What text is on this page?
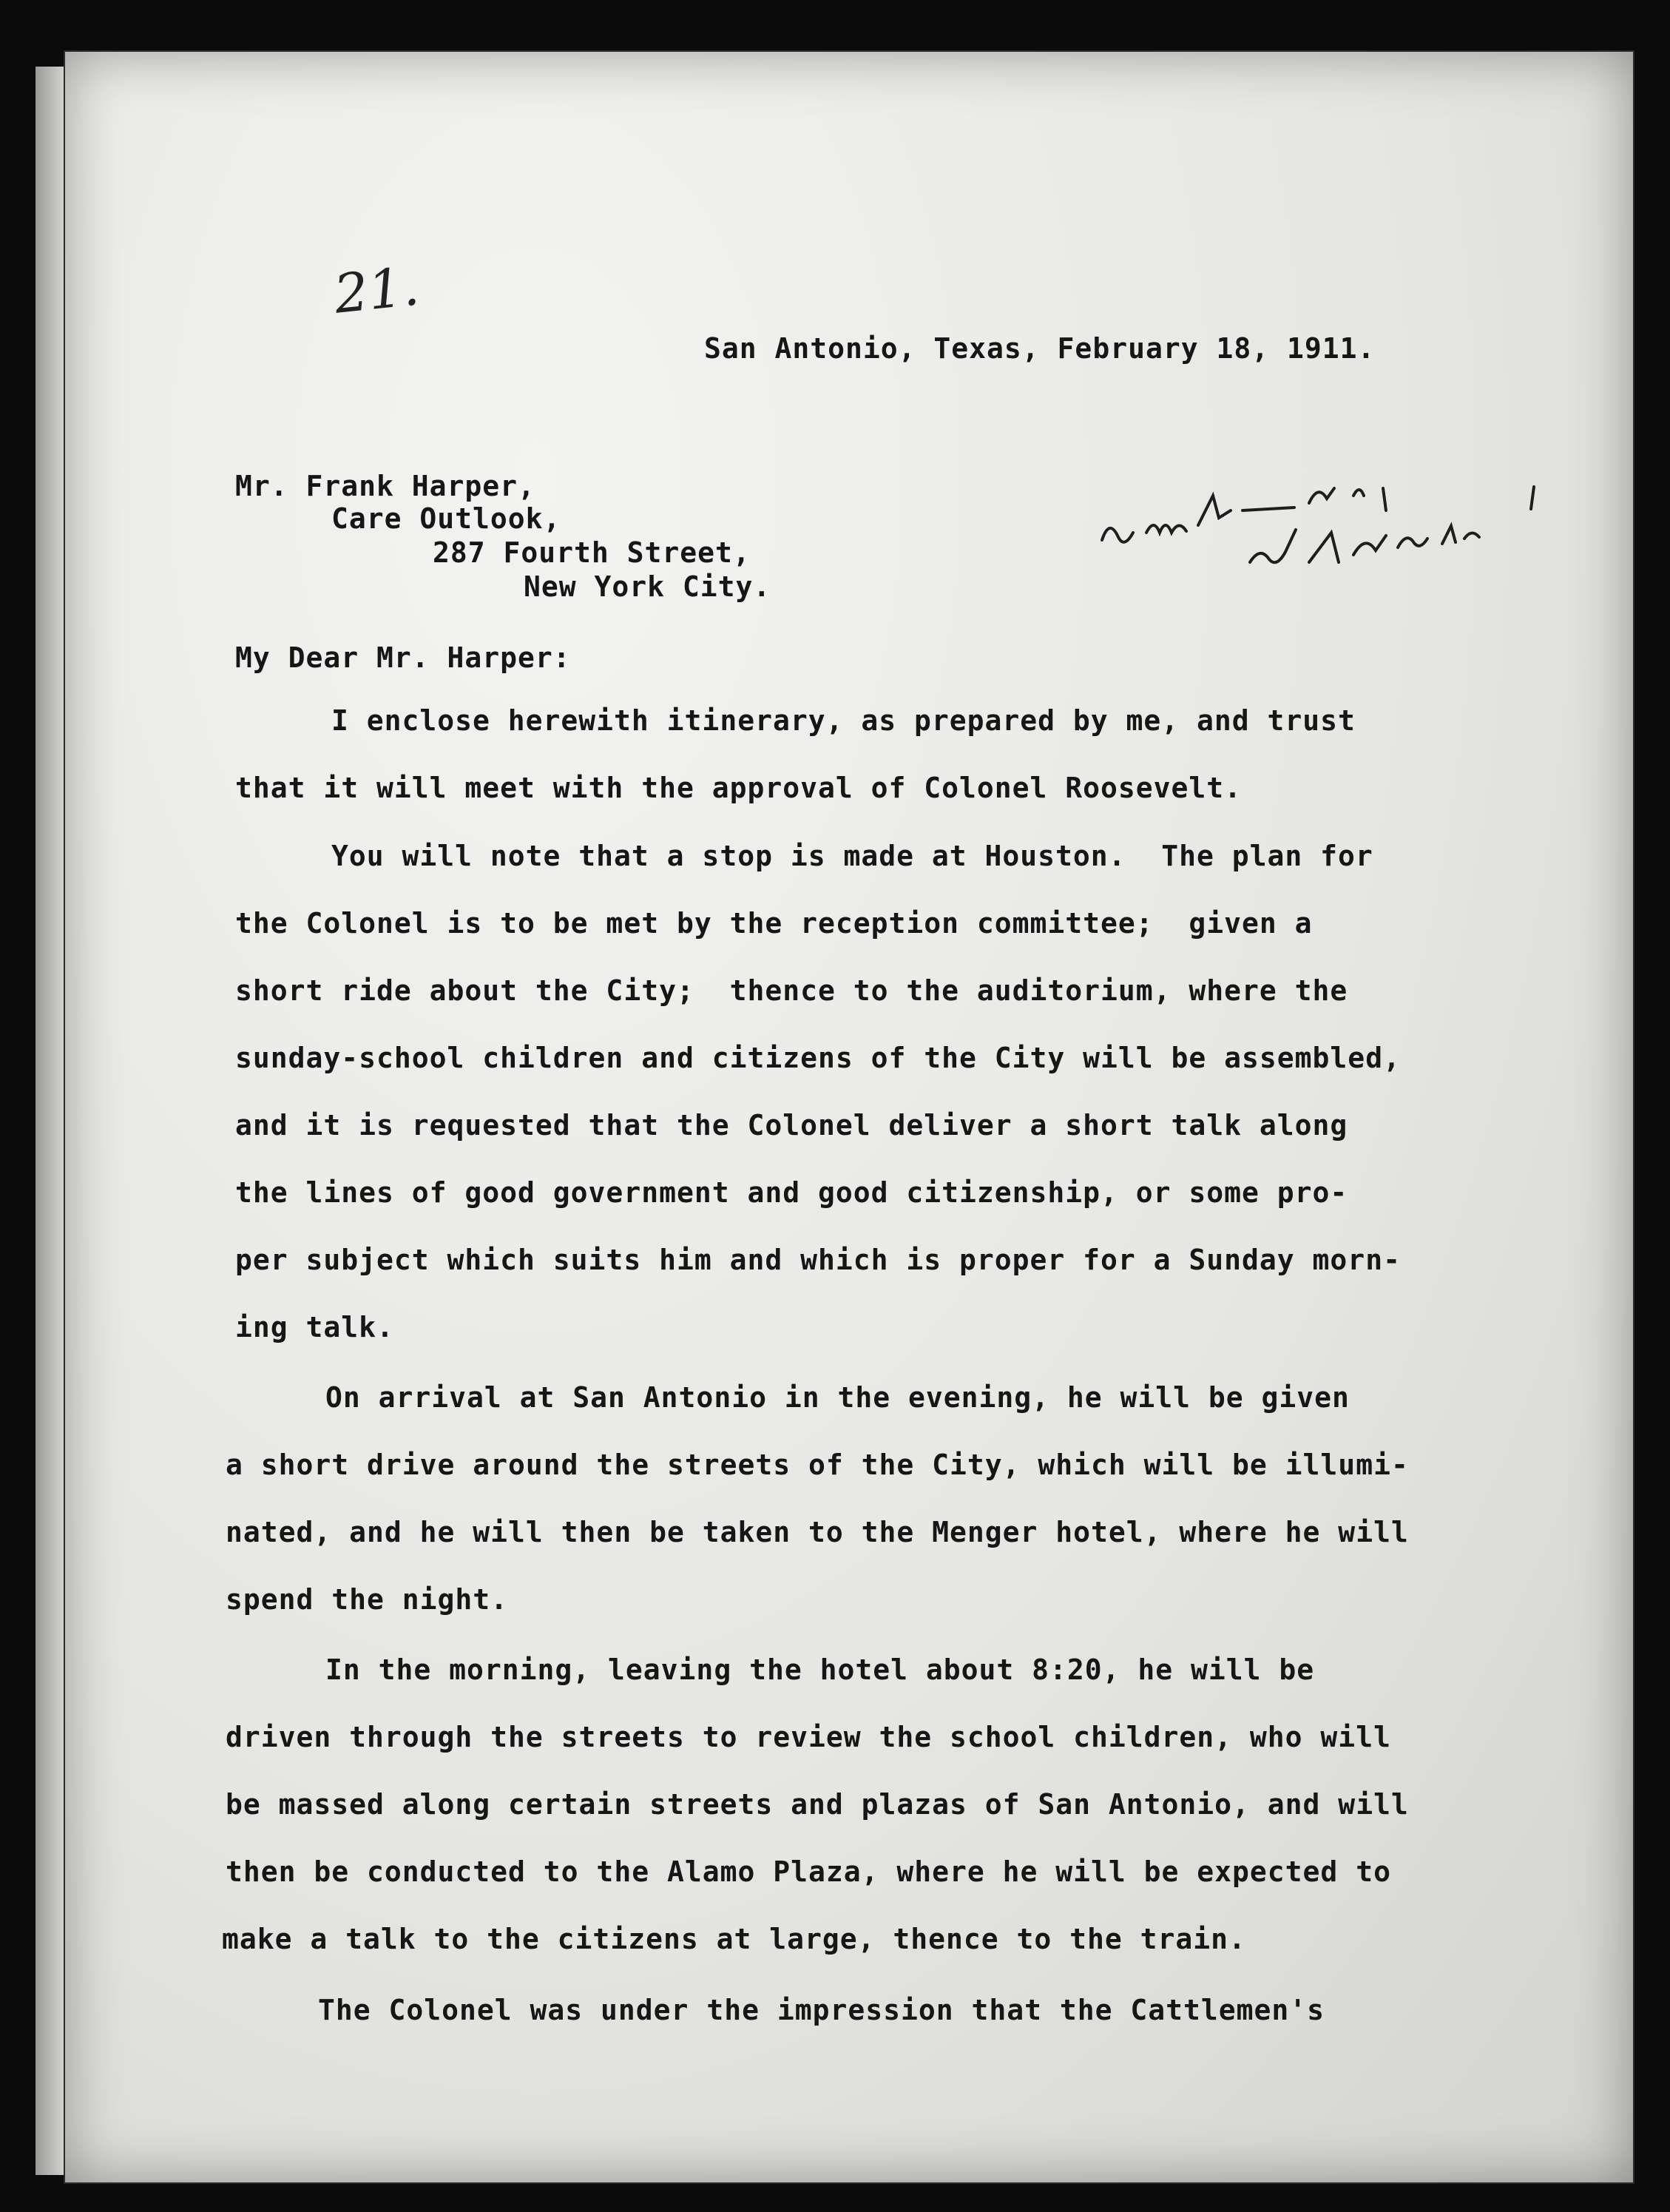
21.
San Antonio, Texas, February 18, 1911.
Mr. Frank Harper,
Care Outlook,
287 Fourth Street,
New York City.
My Dear Mr. Harper:
I enclose herewith itinerary, as prepared by me, and trust
that it will meet with the approval of Colonel Roosevelt.
You will note that a stop is made at Houston.  The plan for
the Colonel is to be met by the reception committee;  given a
short ride about the City;  thence to the auditorium, where the
sunday-school children and citizens of the City will be assembled,
and it is requested that the Colonel deliver a short talk along
the lines of good government and good citizenship, or some pro-
per subject which suits him and which is proper for a Sunday morn-
ing talk.
On arrival at San Antonio in the evening, he will be given
a short drive around the streets of the City, which will be illumi-
nated, and he will then be taken to the Menger hotel, where he will
spend the night.
In the morning, leaving the hotel about 8:20, he will be
driven through the streets to review the school children, who will
be massed along certain streets and plazas of San Antonio, and will
then be conducted to the Alamo Plaza, where he will be expected to
make a talk to the citizens at large, thence to the train.
The Colonel was under the impression that the Cattlemen's
